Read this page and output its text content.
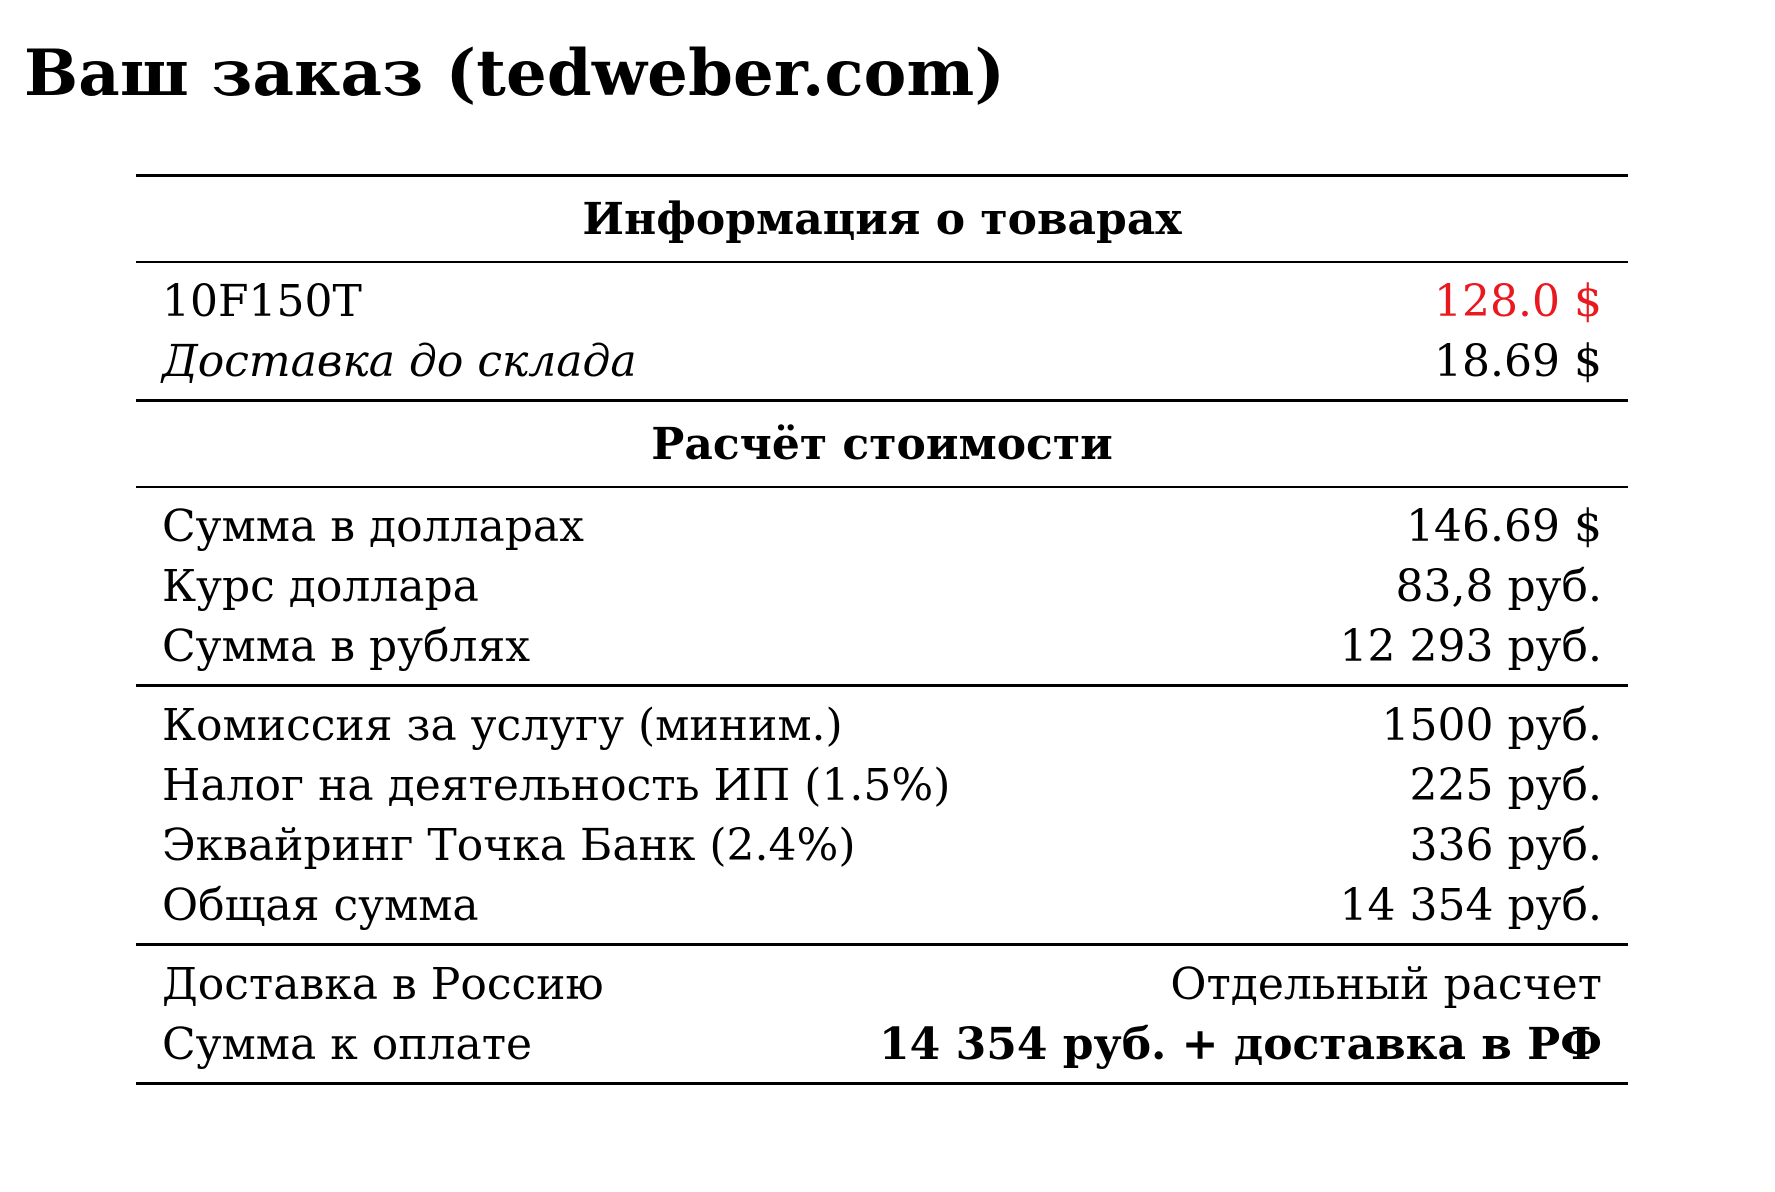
Ваш заказ (tedweber.com)
Информация о товарах
10F150T	128.0 $
Доставка до склада	18.69 $
Расчёт стоимости
Сумма в долларах	146.69 $
Курс доллара	83,8 руб.
Сумма в рублях	12 293 руб.
Комиссия за услугу (миним.)	1500 руб.
Налог на деятельность ИП (1.5%)	225 руб.
Эквайринг Точка Банк (2.4%)	336 руб.
Общая сумма	14 354 руб.
Доставка в Россию	Отдельный расчет
Сумма к оплате	14 354 руб. + доставка в РФ
